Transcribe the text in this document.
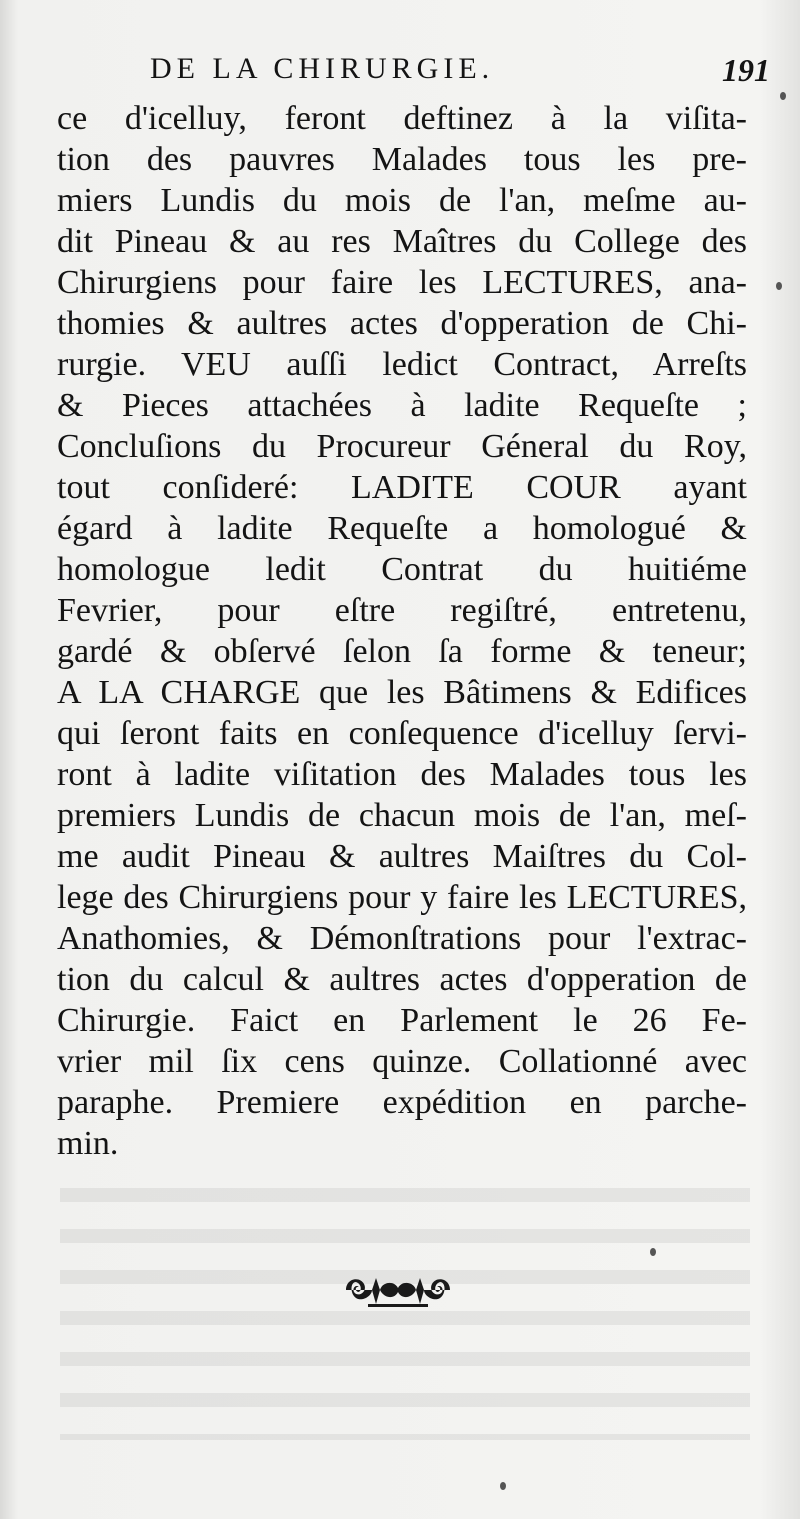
DE LA CHIRURGIE.	191
ce d'icelluy, feront deftinez à la viſita-
tion des pauvres Malades tous les pre-
miers Lundis du mois de l'an, meſme au-
dit Pineau & au res Maîtres du College des
Chirurgiens pour faire les LECTURES, ana-
thomies & aultres actes d'opperation de Chi-
rurgie. VEU auſſi ledict Contract, Arreſts
& Pieces attachées à ladite Requeſte ;
Concluſions du Procureur Géneral du Roy,
tout conſideré: LADITE COUR ayant
égard à ladite Requeſte a homologué &
homologue ledit Contrat du huitiéme
Fevrier, pour eſtre regiſtré, entretenu,
gardé & obſervé ſelon ſa forme & teneur;
A LA CHARGE que les Bâtimens & Edifices
qui ſeront faits en conſequence d'icelluy ſervi-
ront à ladite viſitation des Malades tous les
premiers Lundis de chacun mois de l'an, meſ-
me audit Pineau & aultres Maiſtres du Col-
lege des Chirurgiens pour y faire les LECTURES,
Anathomies, & Démonſtrations pour l'extrac-
tion du calcul & aultres actes d'opperation de
Chirurgie. Faict en Parlement le 26 Fe-
vrier mil ſix cens quinze. Collationné avec
paraphe. Premiere expédition en parche-
min.
